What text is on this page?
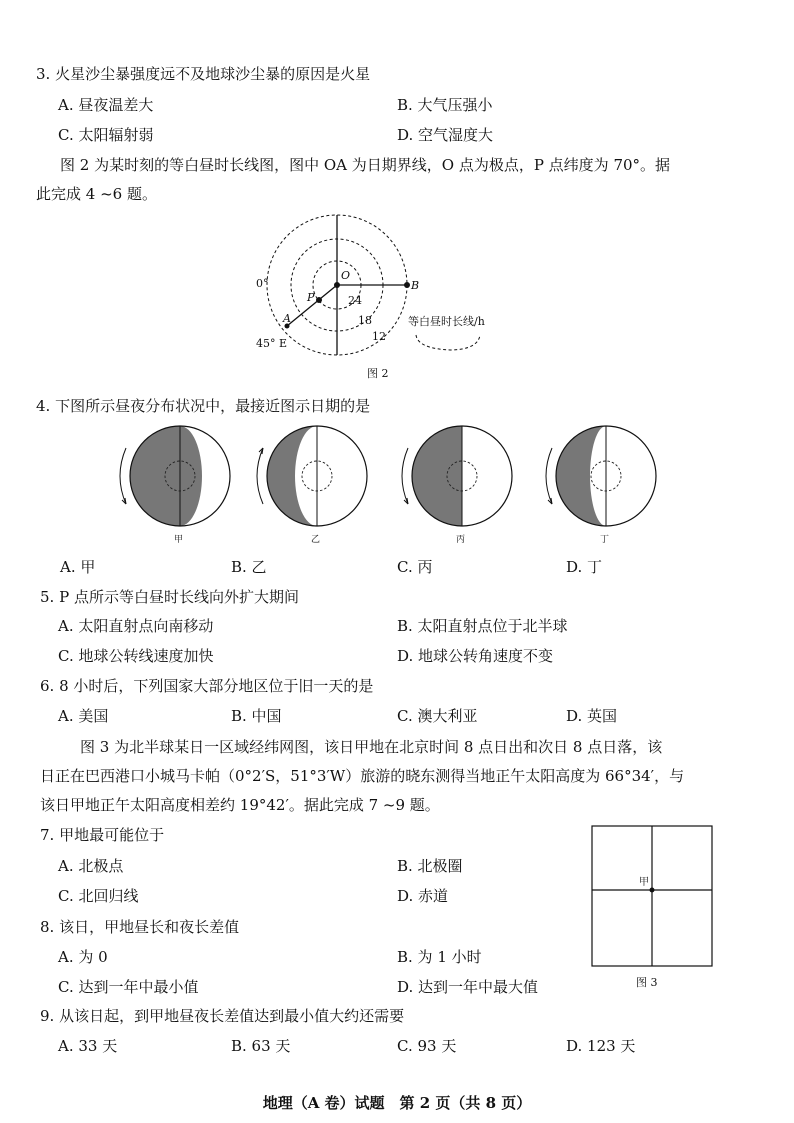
3. 火星沙尘暴强度远不及地球沙尘暴的原因是火星
A. 昼夜温差大	B. 大气压强小
C. 太阳辐射弱	D. 空气湿度大
图 2 为某时刻的等白昼时长线图，图中 OA 为日期界线，O 点为极点，P 点纬度为 70°。据
此完成 4 ~6 题。
O
B
P
A
0°
45° E
24
18
12
等白昼时长线/h
图 2
4. 下图所示昼夜分布状况中，最接近图示日期的是
甲	乙	丙	丁
A. 甲	B. 乙	C. 丙	D. 丁
5. P 点所示等白昼时长线向外扩大期间
A. 太阳直射点向南移动	B. 太阳直射点位于北半球
C. 地球公转线速度加快	D. 地球公转角速度不变
6. 8 小时后，下列国家大部分地区位于旧一天的是
A. 美国	B. 中国	C. 澳大利亚	D. 英国
图 3 为北半球某日一区域经纬网图，该日甲地在北京时间 8 点日出和次日 8 点日落，该
日正在巴西港口小城马卡帕（0°2′S，51°3′W）旅游的晓东测得当地正午太阳高度为 66°34′，与
该日甲地正午太阳高度相差约 19°42′。据此完成 7 ~9 题。
7. 甲地最可能位于
A. 北极点	B. 北极圈
C. 北回归线	D. 赤道
甲
图 3
8. 该日，甲地昼长和夜长差值
A. 为 0	B. 为 1 小时
C. 达到一年中最小值	D. 达到一年中最大值
9. 从该日起，到甲地昼夜长差值达到最小值大约还需要
A. 33 天	B. 63 天	C. 93 天	D. 123 天
地理（A 卷）试题　第 2 页（共 8 页）
